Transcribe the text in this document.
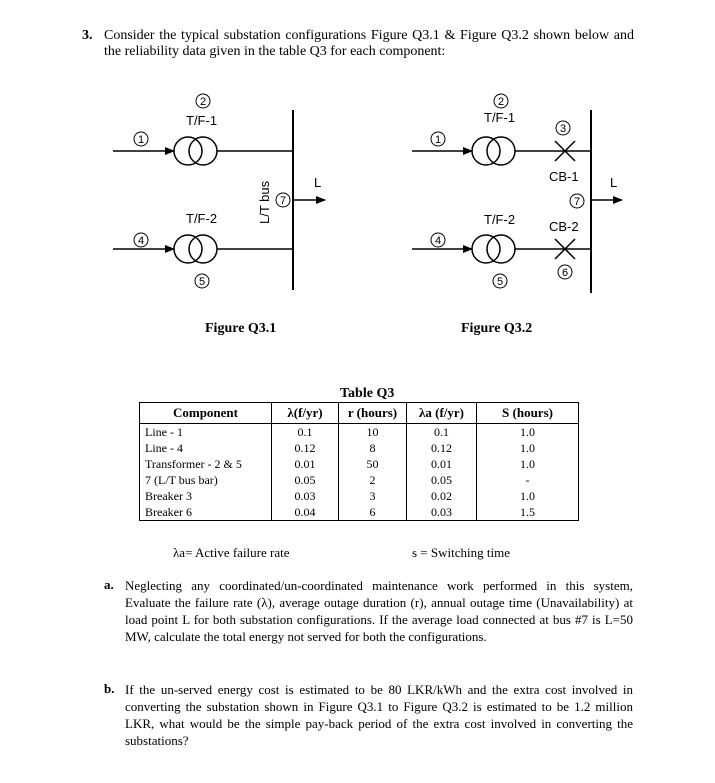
3. Consider the typical substation configurations Figure Q3.1 & Figure Q3.2 shown below and the reliability data given in the table Q3 for each component:
T/F-1
T/F-2
L
L/T bus
1
2
4
5
7
T/F-1
T/F-2
CB-1
CB-2
L
1
2
3
7
4
5
6
Figure Q3.1	Figure Q3.2
Table Q3
Component	λ(f/yr)	r (hours)	λa (f/yr)	S (hours)
Line - 1	0.1	10	0.1	1.0
Line - 4	0.12	8	0.12	1.0
Transformer - 2 & 5	0.01	50	0.01	1.0
7 (L/T bus bar)	0.05	2	0.05	-
Breaker 3	0.03	3	0.02	1.0
Breaker 6	0.04	6	0.03	1.5
λa= Active failure rate	s = Switching time
a. Neglecting any coordinated/un-coordinated maintenance work performed in this system, Evaluate the failure rate (λ), average outage duration (r), annual outage time (Unavailability) at load point L for both substation configurations. If the average load connected at bus #7 is L=50 MW, calculate the total energy not served for both the configurations.
b. If the un-served energy cost is estimated to be 80 LKR/kWh and the extra cost involved in converting the substation shown in Figure Q3.1 to Figure Q3.2 is estimated to be 1.2 million LKR, what would be the simple pay-back period of the extra cost involved in converting the substations?
